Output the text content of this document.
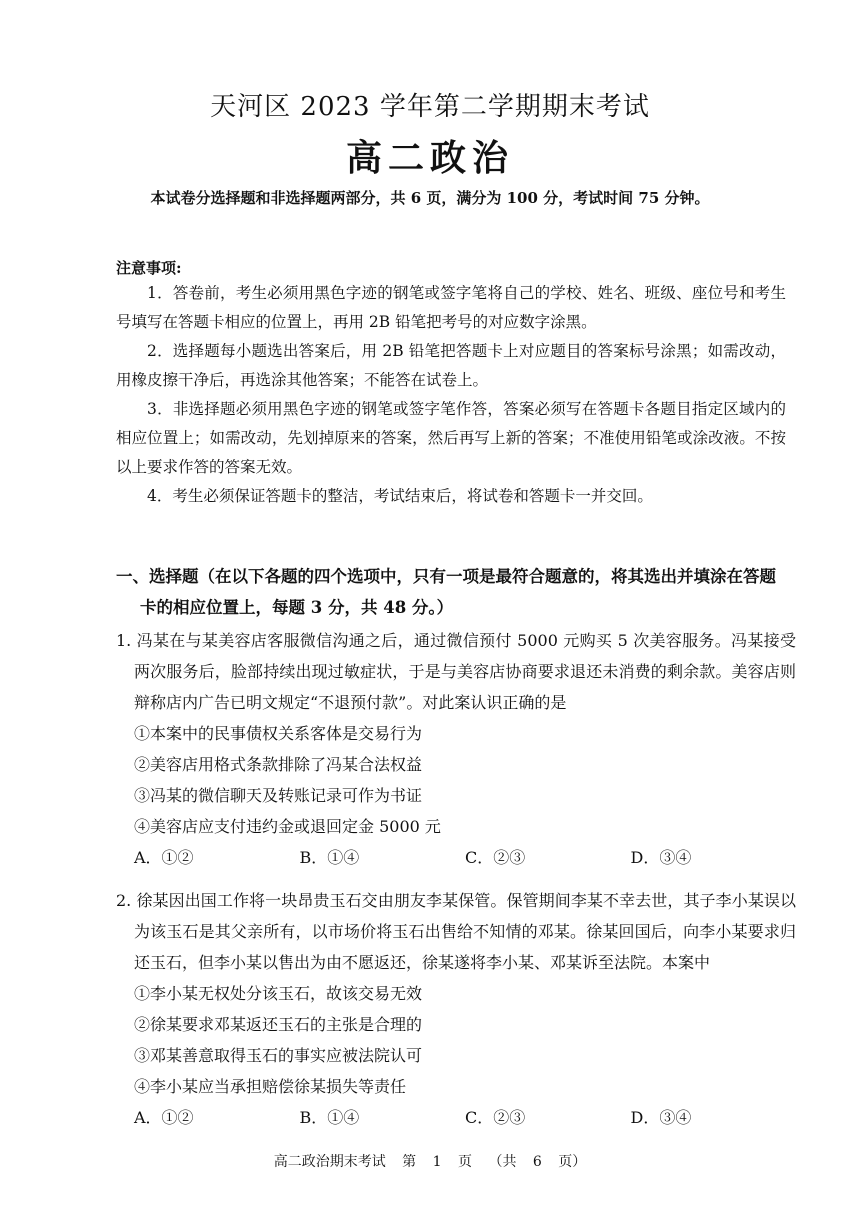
天河区 2023 学年第二学期期末考试
高二政治
本试卷分选择题和非选择题两部分，共 6 页，满分为 100 分，考试时间 75 分钟。
注意事项:

1．答卷前，考生必须用黑色字迹的钢笔或签字笔将自己的学校、姓名、班级、座位号和考生号填写在答题卡相应的位置上，再用 2B 铅笔把考号的对应数字涂黑。

2．选择题每小题选出答案后，用 2B 铅笔把答题卡上对应题目的答案标号涂黑；如需改动，用橡皮擦干净后，再选涂其他答案；不能答在试卷上。

3．非选择题必须用黑色字迹的钢笔或签字笔作答，答案必须写在答题卡各题目指定区域内的相应位置上；如需改动，先划掉原来的答案，然后再写上新的答案；不准使用铅笔或涂改液。不按以上要求作答的答案无效。

4．考生必须保证答题卡的整洁，考试结束后，将试卷和答题卡一并交回。

一、选择题（在以下各题的四个选项中，只有一项是最符合题意的，将其选出并填涂在答题
卡的相应位置上，每题 3 分，共 48 分。）

1. 冯某在与某美容店客服微信沟通之后，通过微信预付 5000 元购买 5 次美容服务。冯某接受两次服务后，脸部持续出现过敏症状，于是与美容店协商要求退还未消费的剩余款。美容店则辩称店内广告已明文规定“不退预付款”。对此案认识正确的是

①本案中的民事债权关系客体是交易行为

②美容店用格式条款排除了冯某合法权益

③冯某的微信聊天及转账记录可作为书证

④美容店应支付违约金或退回定金 5000 元

A．①②	B．①④	C．②③	D．③④

2. 徐某因出国工作将一块昂贵玉石交由朋友李某保管。保管期间李某不幸去世，其子李小某误以为该玉石是其父亲所有，以市场价将玉石出售给不知情的邓某。徐某回国后，向李小某要求归还玉石，但李小某以售出为由不愿返还，徐某遂将李小某、邓某诉至法院。本案中

①李小某无权处分该玉石，故该交易无效

②徐某要求邓某返还玉石的主张是合理的

③邓某善意取得玉石的事实应被法院认可

④李小某应当承担赔偿徐某损失等责任

A．①②	B．①④	C．②③	D．③④

高二政治期末考试 第 1 页 （共 6 页）
